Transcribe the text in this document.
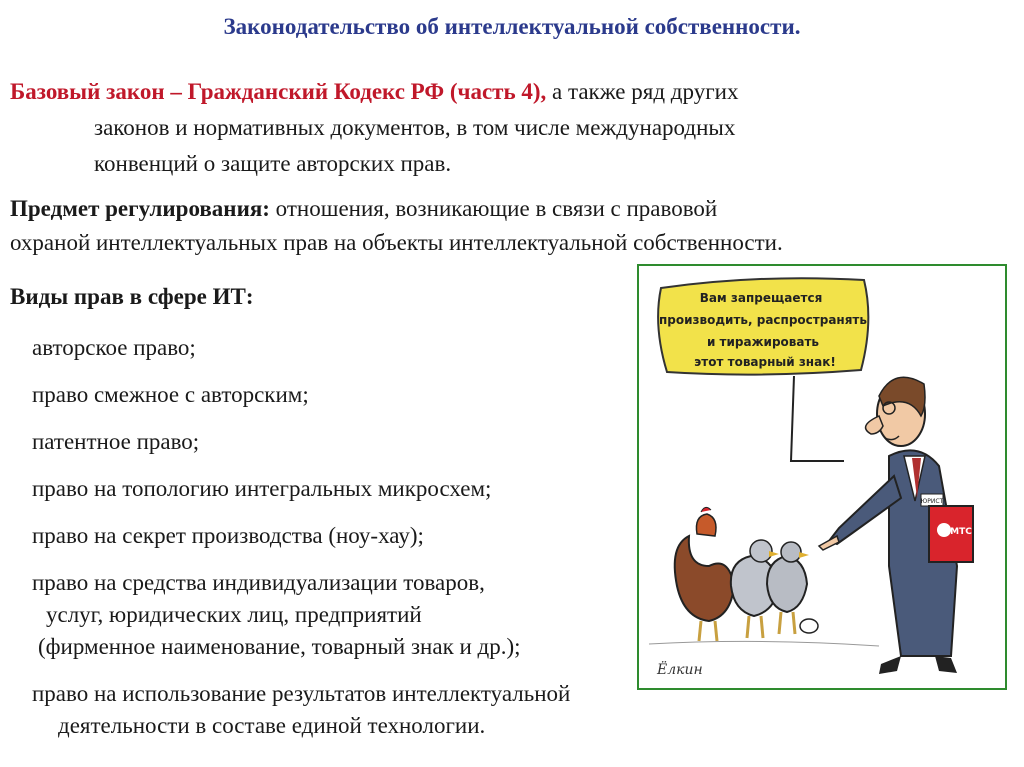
Законодательство об интеллектуальной собственности.
Базовый закон – Гражданский Кодекс РФ (часть 4), а также ряд других
законов и нормативных документов, в том числе международных
конвенций о защите авторских прав.
Предмет регулирования: отношения, возникающие в связи с правовой
охраной интеллектуальных прав на объекты интеллектуальной собственности.
Виды прав в сфере ИТ:
авторское право;
право смежное с авторским;
патентное право;
право на топологию интегральных микросхем;
право на секрет производства (ноу-хау);
право на средства индивидуализации товаров,
услуг, юридических лиц, предприятий
(фирменное наименование, товарный знак и др.);
право на использование результатов интеллектуальной
деятельности в составе единой технологии.
Вам запрещается
производить, распространять
и тиражировать
этот товарный знак!
ЮРИСТ
МТС
Ёлкин
